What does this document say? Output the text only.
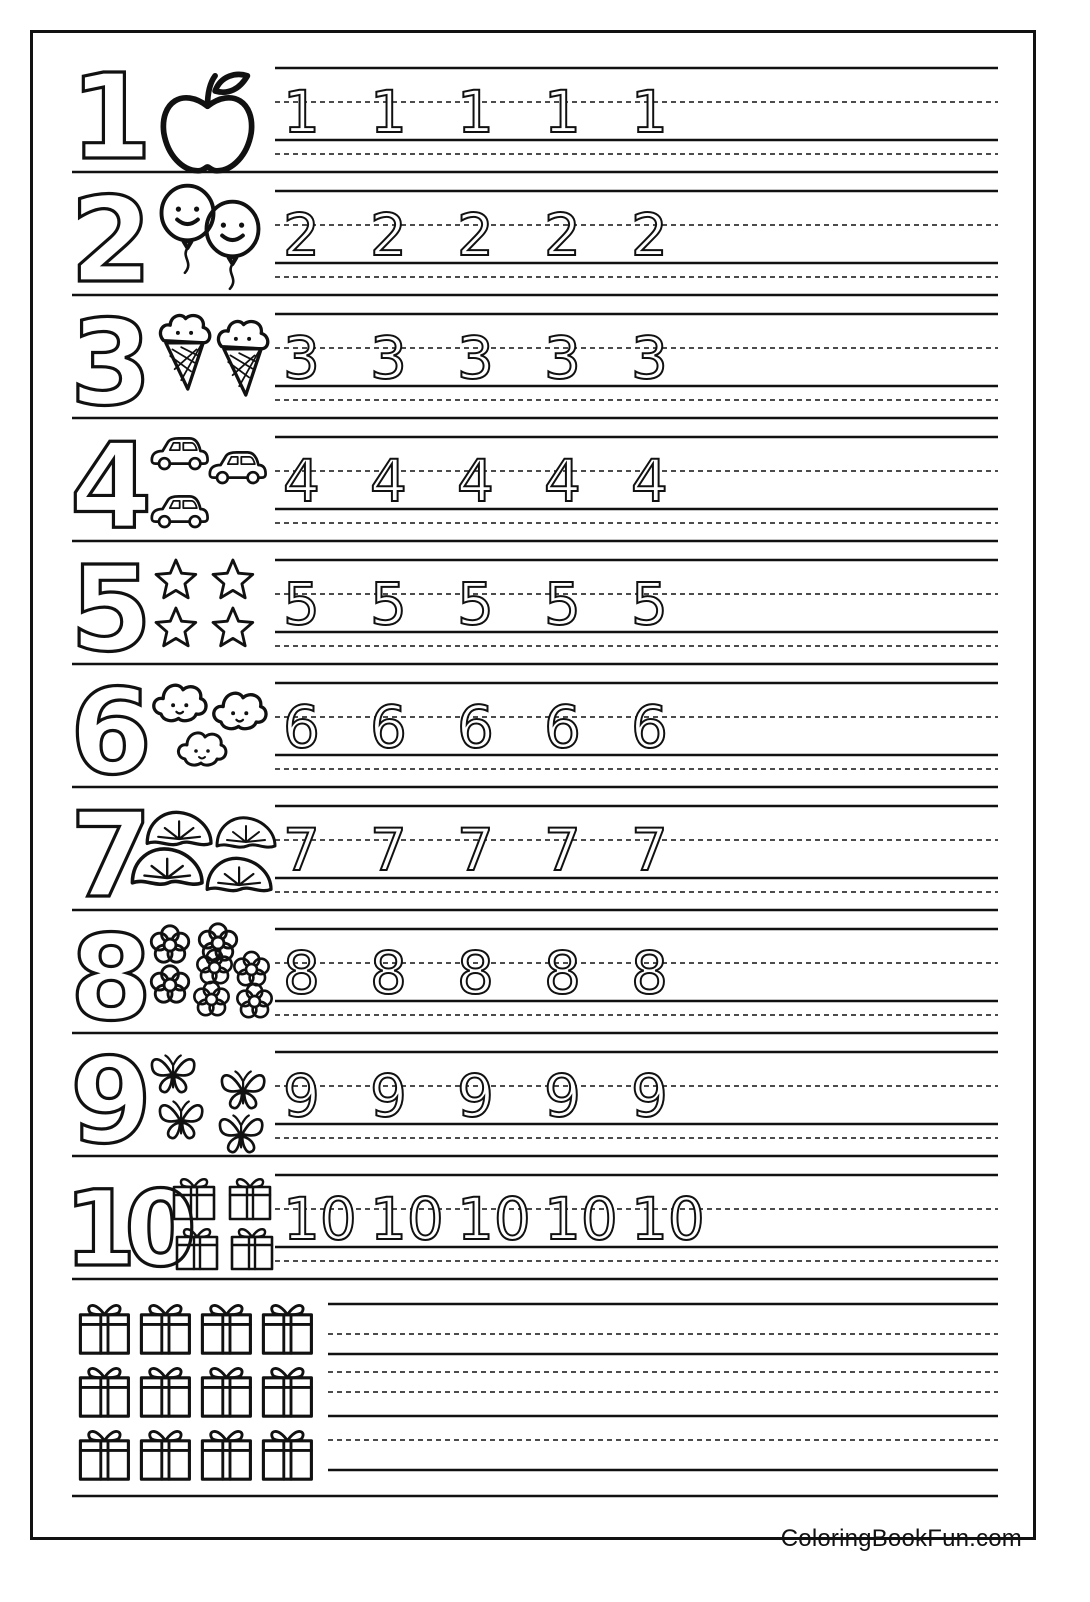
1 1 1 1 1 1
2 2 2 2 2 2
3 3 3 3 3 3
4 4 4 4 4 4
5 5 5 5 5 5
6 6 6 6 6 6
7 7 7 7 7 7
8 8 8 8 8 8
9 9 9 9 9 9
10 10 10 10 10 10
ColoringBookFun.com
